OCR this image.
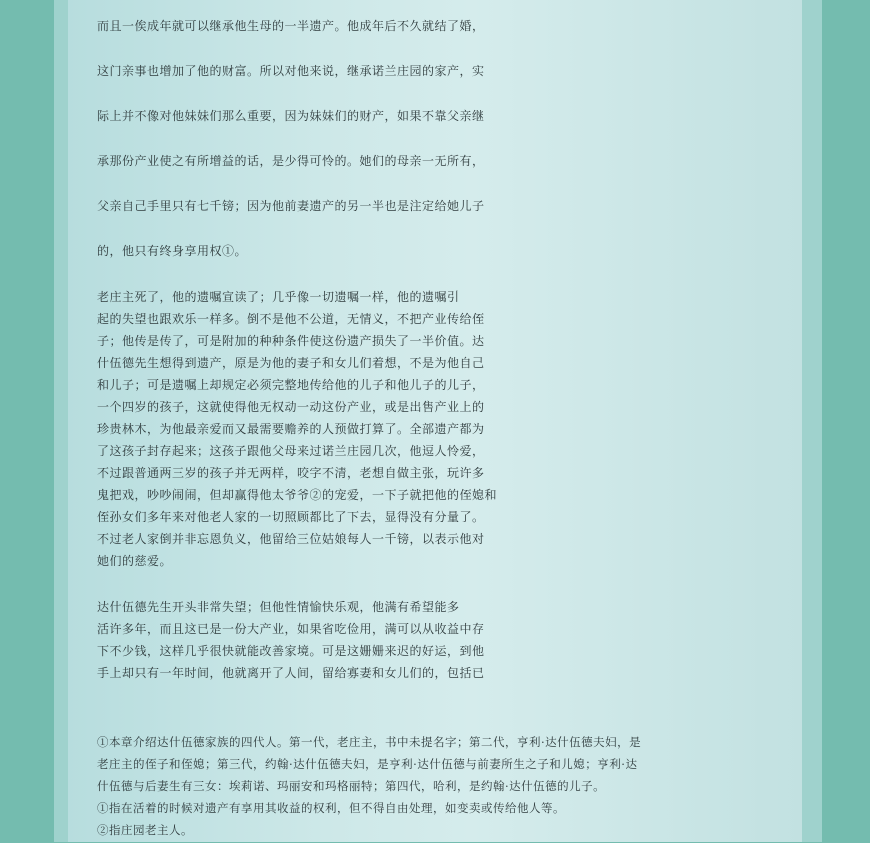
而且一俟成年就可以继承他生母的一半遗产。他成年后不久就结了婚，

这门亲事也增加了他的财富。所以对他来说，继承诺兰庄园的家产，实

际上并不像对他妹妹们那么重要，因为妹妹们的财产，如果不靠父亲继

承那份产业使之有所增益的话，是少得可怜的。她们的母亲一无所有，

父亲自己手里只有七千镑；因为他前妻遗产的另一半也是注定给她儿子

的，他只有终身享用权①。

老庄主死了，他的遗嘱宣读了；几乎像一切遗嘱一样，他的遗嘱引

起的失望也跟欢乐一样多。倒不是他不公道，无情义，不把产业传给侄

子；他传是传了，可是附加的种种条件使这份遗产损失了一半价值。达

什伍德先生想得到遗产，原是为他的妻子和女儿们着想，不是为他自己

和儿子；可是遗嘱上却规定必须完整地传给他的儿子和他儿子的儿子，

一个四岁的孩子，这就使得他无权动一动这份产业，或是出售产业上的

珍贵林木，为他最亲爱而又最需要赡养的人预做打算了。全部遗产都为

了这孩子封存起来；这孩子跟他父母来过诺兰庄园几次，他逗人怜爱，

不过跟普通两三岁的孩子并无两样，咬字不清，老想自做主张，玩许多

鬼把戏，吵吵闹闹，但却赢得他太爷爷②的宠爱，一下子就把他的侄媳和

侄孙女们多年来对他老人家的一切照顾都比了下去，显得没有分量了。

不过老人家倒并非忘恩负义，他留给三位姑娘每人一千镑，以表示他对

她们的慈爱。

达什伍德先生开头非常失望；但他性情愉快乐观，他满有希望能多

活许多年，而且这已是一份大产业，如果省吃俭用，满可以从收益中存

下不少钱，这样几乎很快就能改善家境。可是这姗姗来迟的好运，到他

手上却只有一年时间，他就离开了人间，留给寡妻和女儿们的，包括已

①本章介绍达什伍德家族的四代人。第一代，老庄主，书中未提名字；第二代，亨利·达什伍德夫妇，是

老庄主的侄子和侄媳；第三代，约翰·达什伍德夫妇，是亨利·达什伍德与前妻所生之子和儿媳；亨利·达

什伍德与后妻生有三女：埃莉诺、玛丽安和玛格丽特；第四代，哈利，是约翰·达什伍德的儿子。

①指在活着的时候对遗产有享用其收益的权利，但不得自由处理，如变卖或传给他人等。

②指庄园老主人。
